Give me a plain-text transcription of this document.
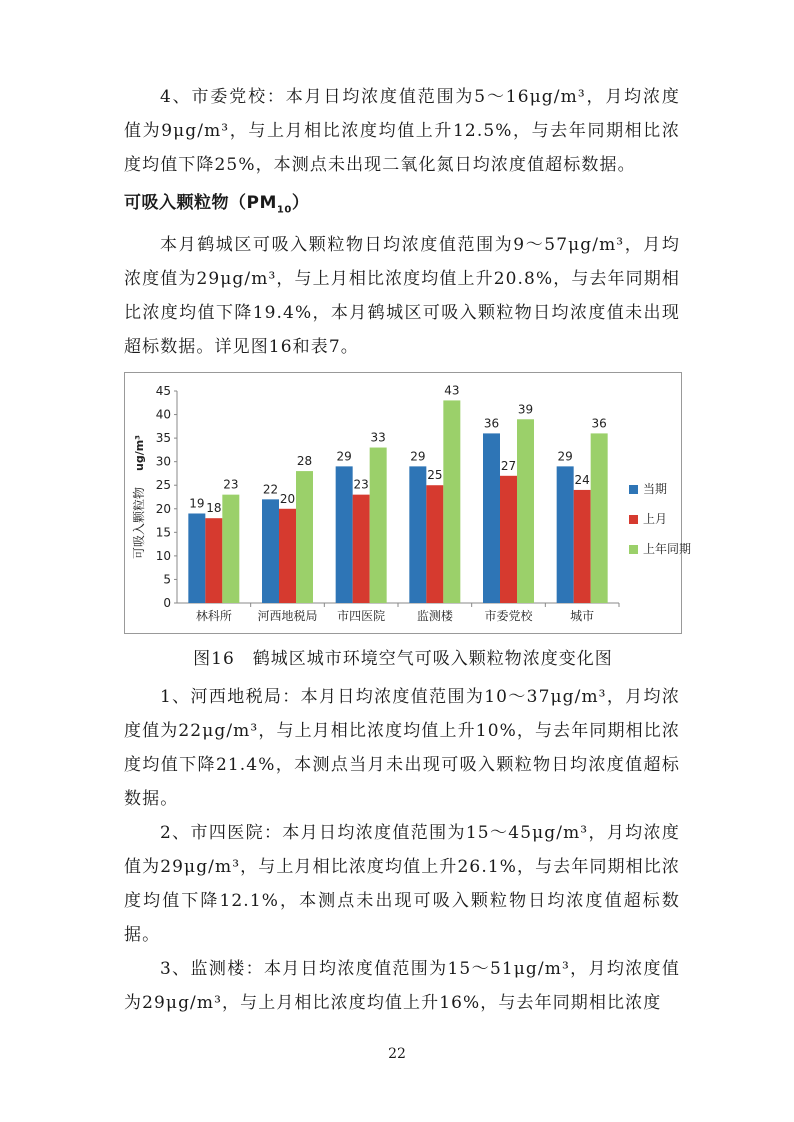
4、市委党校：本月日均浓度值范围为5～16μg/m³，月均浓度值为9μg/m³，与上月相比浓度均值上升12.5%，与去年同期相比浓度均值下降25%，本测点未出现二氧化氮日均浓度值超标数据。

可吸入颗粒物$(PM_{10})$

本月鹤城区可吸入颗粒物日均浓度值范围为9～57μg/m³，月均浓度值为29μg/m³，与上月相比浓度均值上升20.8%，与去年同期相比浓度均值下降19.4%，本月鹤城区可吸入颗粒物日均浓度值未出现超标数据。详见图16和表7。

可吸入颗粒物
ug/m³
0
5
10
15
20
25
30
35
40
45
林科所 河西地税局 市四医院	监测楼	市委党校	城市
19 18
23 22
20
28 29
23
33
29
25
43
36
27
39
29
24
36
当期
上月
上年同期

图16　鹤城区城市环境空气可吸入颗粒物浓度变化图

1、河西地税局：本月日均浓度值范围为10～37μg/m³，月均浓度值为22μg/m³，与上月相比浓度均值上升10%，与去年同期相比浓度均值下降21.4%，本测点当月未出现可吸入颗粒物日均浓度值超标数据。

2、市四医院：本月日均浓度值范围为15～45μg/m³，月均浓度值为29μg/m³，与上月相比浓度均值上升26.1%，与去年同期相比浓度均值下降12.1%，本测点未出现可吸入颗粒物日均浓度值超标数据。

3、监测楼：本月日均浓度值范围为15～51μg/m³，月均浓度值为29μg/m³，与上月相比浓度均值上升16%，与去年同期相比浓度

22
